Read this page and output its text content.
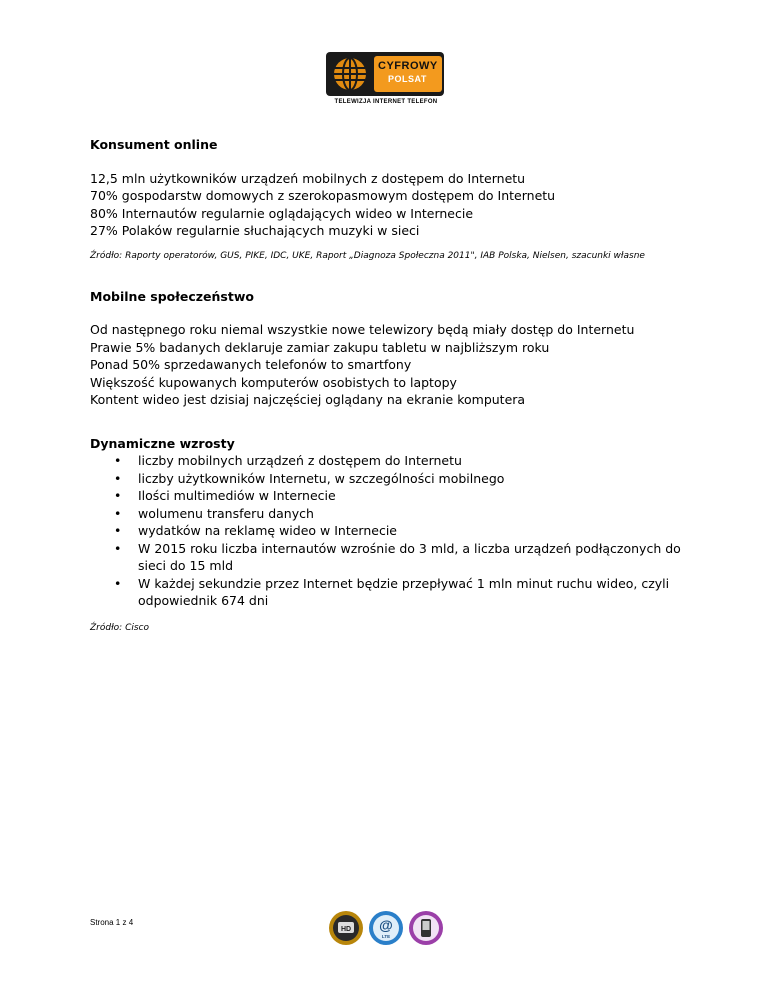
CYFROWY
POLSAT
TELEWIZJA INTERNET TELEFON
Konsument online
12,5 mln użytkowników urządzeń mobilnych z dostępem do Internetu
70% gospodarstw domowych z szerokopasmowym dostępem do Internetu
80% Internautów regularnie oglądających wideo w Internecie
27% Polaków regularnie słuchających muzyki w sieci
Źródło: Raporty operatorów, GUS, PIKE, IDC, UKE, Raport „Diagnoza Społeczna 2011", IAB Polska, Nielsen, szacunki własne
Mobilne społeczeństwo
Od następnego roku niemal wszystkie nowe telewizory będą miały dostęp do Internetu
Prawie 5% badanych deklaruje zamiar zakupu tabletu w najbliższym roku
Ponad 50% sprzedawanych telefonów to smartfony
Większość kupowanych komputerów osobistych to laptopy
Kontent wideo jest dzisiaj najczęściej oglądany na ekranie komputera
Dynamiczne wzrosty
• liczby mobilnych urządzeń z dostępem do Internetu
• liczby użytkowników Internetu, w szczególności mobilnego
• Ilości multimediów w Internecie
• wolumenu transferu danych
• wydatków na reklamę wideo w Internecie
• W 2015 roku liczba internautów wzrośnie do 3 mld, a liczba urządzeń podłączonych do sieci do 15 mld
• W każdej sekundzie przez Internet będzie przepływać 1 mln minut ruchu wideo, czyli odpowiednik 674 dni
Źródło: Cisco
Strona 1 z 4
HD @
LTE
